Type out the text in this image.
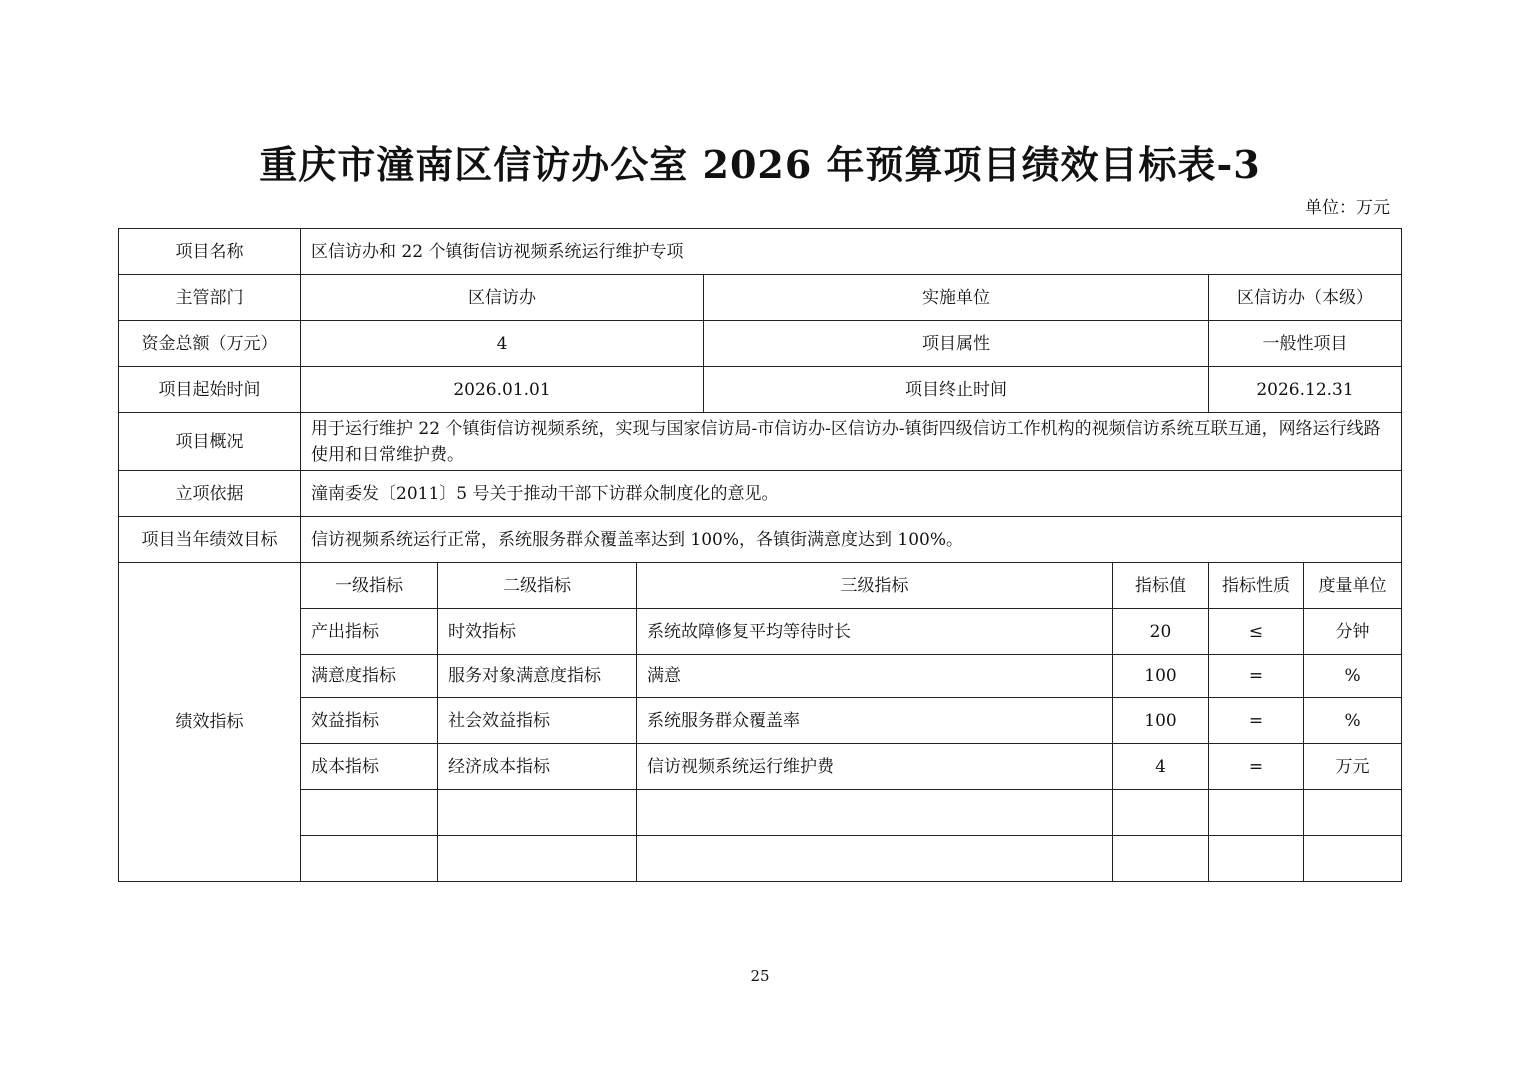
重庆市潼南区信访办公室 2026 年预算项目绩效目标表-3
单位：万元
项目名称	区信访办和 22 个镇街信访视频系统运行维护专项						
主管部门	区信访办			实施单位		区信访办（本级）	
资金总额（万元）	4			项目属性		一般性项目	
项目起始时间	2026.01.01			项目终止时间		2026.12.31	
项目概况	用于运行维护 22 个镇街信访视频系统，实现与国家信访局-市信访办-区信访办-镇街四级信访工作机构的视频信访系统互联互通，网络运行线路使用和日常维护费。						
立项依据	潼南委发〔2011〕5 号关于推动干部下访群众制度化的意见。						
项目当年绩效目标	信访视频系统运行正常，系统服务群众覆盖率达到 100%，各镇街满意度达到 100%。						
绩效指标	一级指标	二级指标	三级指标		指标值	指标性质	度量单位
	产出指标	时效指标	系统故障修复平均等待时长		20	≤	分钟
	满意度指标	服务对象满意度指标	满意		100	=	%
	效益指标	社会效益指标	系统服务群众覆盖率		100	=	%
	成本指标	经济成本指标	信访视频系统运行维护费		4	=	万元

25
